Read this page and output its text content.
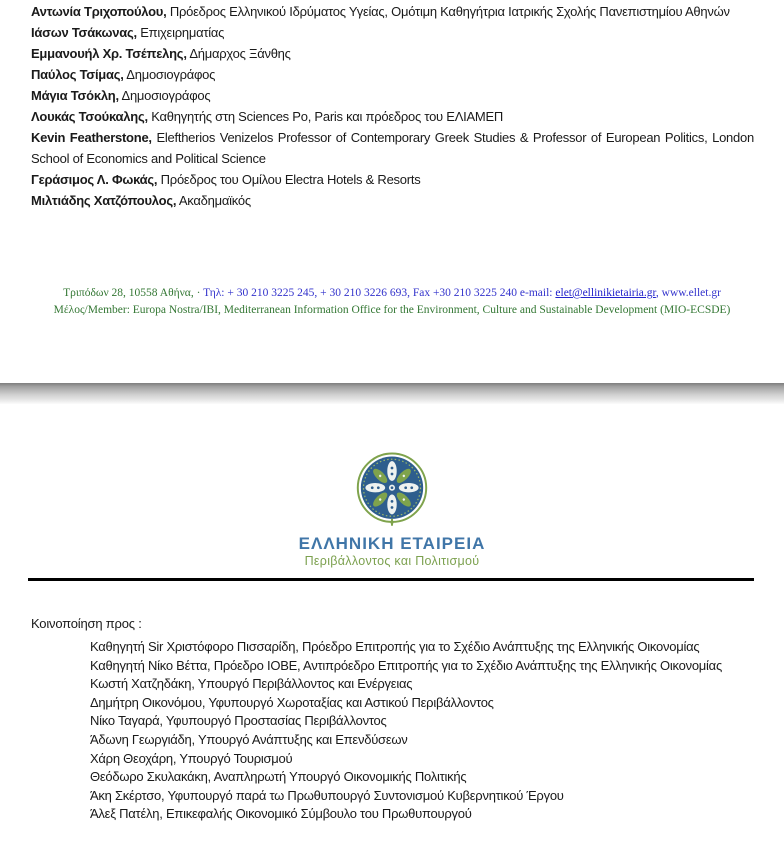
Αντωνία Τριχοπούλου, Πρόεδρος Ελληνικού Ιδρύματος Υγείας, Ομότιμη Καθηγήτρια Ιατρικής Σχολής Πανεπιστημίου Αθηνών

Ιάσων Τσάκωνας, Επιχειρηματίας

Εμμανουήλ Χρ. Τσέπελης, Δήμαρχος Ξάνθης

Παύλος Τσίμας, Δημοσιογράφος

Μάγια Τσόκλη, Δημοσιογράφος

Λουκάς Τσούκαλης, Καθηγητής στη Sciences Po, Paris και πρόεδρος του ΕΛΙΑΜΕΠ

Kevin Featherstone, Eleftherios Venizelos Professor of Contemporary Greek Studies & Professor of European Politics, London School of Economics and Political Science

Γεράσιμος Λ. Φωκάς, Πρόεδρος του Ομίλου Electra Hotels & Resorts

Μιλτιάδης Χατζόπουλος, Ακαδημαϊκός

Τριπόδων 28, 10558 Αθήνα, · Τηλ: + 30 210 3225 245, + 30 210 3226 693, Fax +30 210 3225 240 e-mail: elet@ellinikietairia.gr, www.ellet.gr
Μέλος/Member: Europa Nostra/IBI, Mediterranean Information Office for the Environment, Culture and Sustainable Development (MIO-ECSDE)
ΕΛΛΗΝΙΚΗ ΕΤΑΙΡΕΙΑ
Περιβάλλοντος και Πολιτισμού
Κοινοποίηση προς :
Καθηγητή Sir Χριστόφορο Πισσαρίδη, Πρόεδρο Επιτροπής για το Σχέδιο Ανάπτυξης της Ελληνικής Οικονομίας
Καθηγητή Νίκο Βέττα, Πρόεδρο ΙΟΒΕ, Αντιπρόεδρο Επιτροπής για το Σχέδιο Ανάπτυξης της Ελληνικής Οικονομίας
Κωστή Χατζηδάκη, Υπουργό Περιβάλλοντος και Ενέργειας
Δημήτρη Οικονόμου, Υφυπουργό Χωροταξίας και Αστικού Περιβάλλοντος
Νίκο Ταγαρά, Υφυπουργό Προστασίας Περιβάλλοντος
Άδωνη Γεωργιάδη, Υπουργό Ανάπτυξης και Επενδύσεων
Χάρη Θεοχάρη, Υπουργό Τουρισμού
Θεόδωρο Σκυλακάκη, Αναπληρωτή Υπουργό Οικονομικής Πολιτικής
Άκη Σκέρτσο, Υφυπουργό παρά τω Πρωθυπουργό Συντονισμού Κυβερνητικού Έργου
Άλεξ Πατέλη, Επικεφαλής Οικονομικό Σύμβουλο του Πρωθυπουργού
